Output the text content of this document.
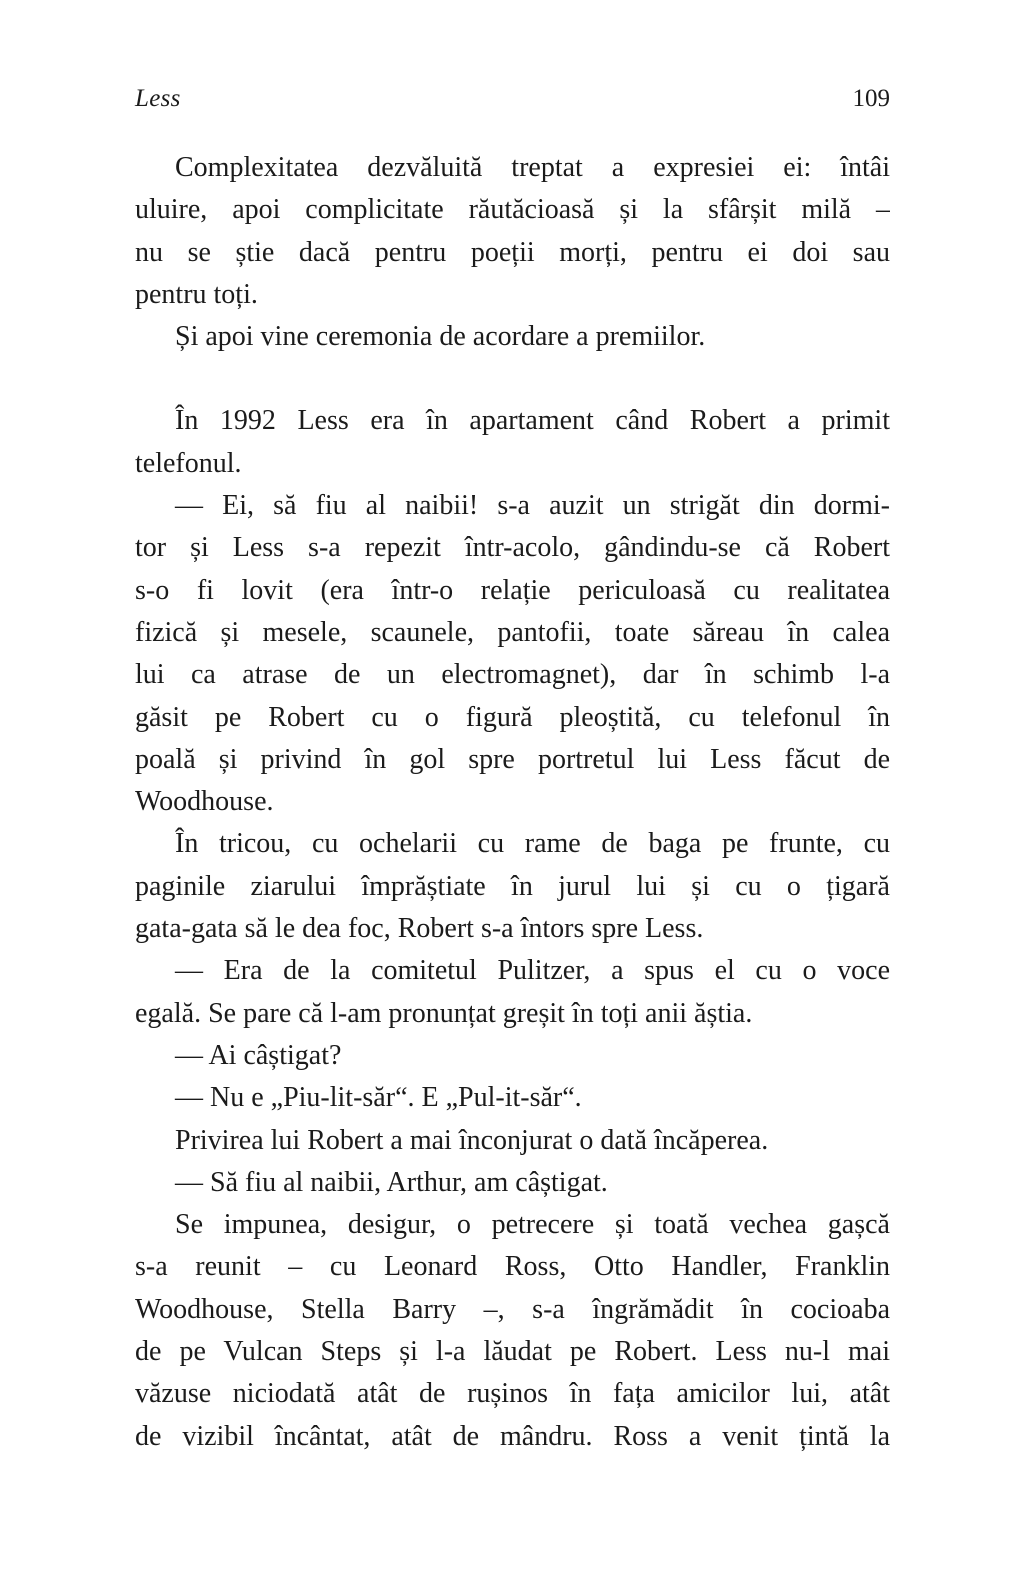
Less	109
Complexitatea dezvăluită treptat a expresiei ei: întâi
uluire, apoi complicitate răutăcioasă și la sfârșit milă –
nu se știe dacă pentru poeții morți, pentru ei doi sau
pentru toți.
Și apoi vine ceremonia de acordare a premiilor.
În 1992 Less era în apartament când Robert a primit
telefonul.
— Ei, să fiu al naibii! s-a auzit un strigăt din dormi-
tor și Less s-a repezit într-acolo, gândindu-se că Robert
s-o fi lovit (era într-o relație periculoasă cu realitatea
fizică și mesele, scaunele, pantofii, toate săreau în calea
lui ca atrase de un electromagnet), dar în schimb l-a
găsit pe Robert cu o figură pleoștită, cu telefonul în
poală și privind în gol spre portretul lui Less făcut de
Woodhouse.
În tricou, cu ochelarii cu rame de baga pe frunte, cu
paginile ziarului împrăștiate în jurul lui și cu o țigară
gata-gata să le dea foc, Robert s-a întors spre Less.
— Era de la comitetul Pulitzer, a spus el cu o voce
egală. Se pare că l-am pronunțat greșit în toți anii ăștia.
— Ai câștigat?
— Nu e „Piu-lit-săr“. E „Pul-it-săr“.
Privirea lui Robert a mai înconjurat o dată încăperea.
— Să fiu al naibii, Arthur, am câștigat.
Se impunea, desigur, o petrecere și toată vechea gașcă
s-a reunit – cu Leonard Ross, Otto Handler, Franklin
Woodhouse, Stella Barry –, s-a îngrămădit în cocioaba
de pe Vulcan Steps și l-a lăudat pe Robert. Less nu-l mai
văzuse niciodată atât de rușinos în fața amicilor lui, atât
de vizibil încântat, atât de mândru. Ross a venit țintă la
